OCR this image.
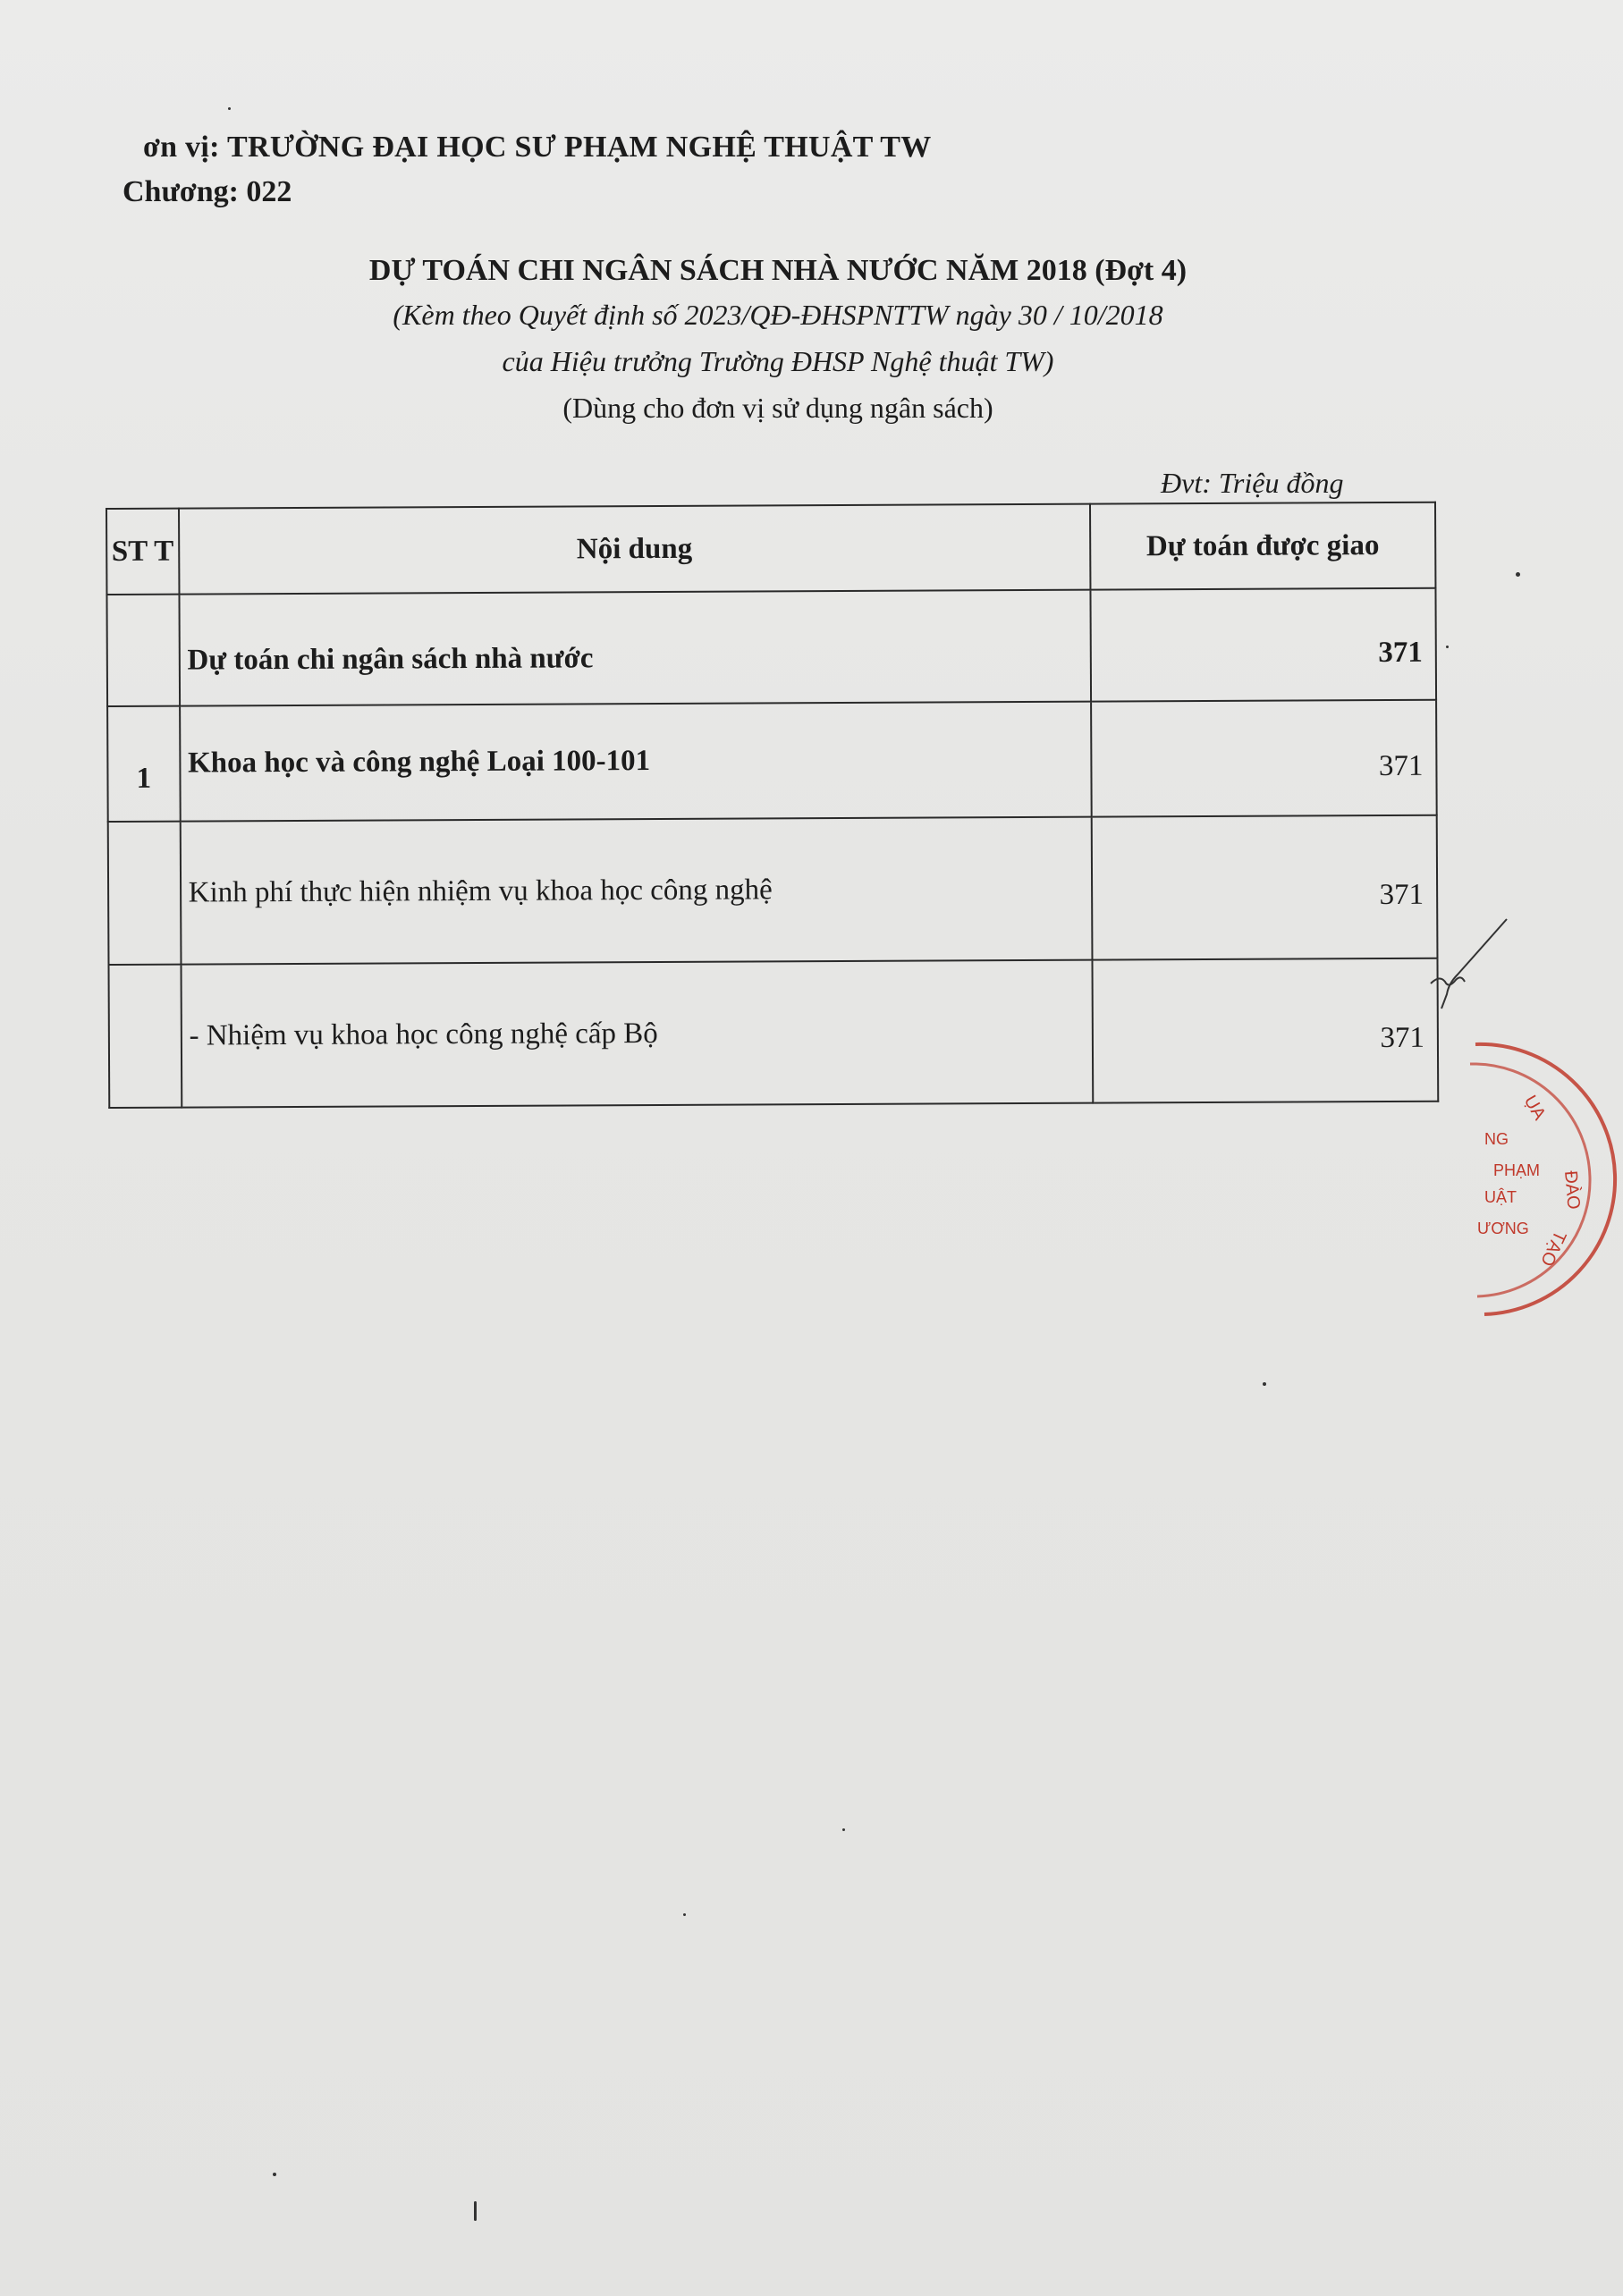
ơn vị: TRƯỜNG ĐẠI HỌC SƯ PHẠM NGHỆ THUẬT TW
Chương: 022
DỰ TOÁN CHI NGÂN SÁCH NHÀ NƯỚC NĂM 2018 (Đợt 4)
(Kèm theo Quyết định số 2023/QĐ-ĐHSPNTTW ngày 30 / 10/2018
của Hiệu trưởng Trường ĐHSP Nghệ thuật TW)
(Dùng cho đơn vị sử dụng ngân sách)
Đvt: Triệu đồng
ST T	Nội dung	Dự toán được giao
	Dự toán chi ngân sách nhà nước	371
1	Khoa học và công nghệ Loại 100-101	371
	Kinh phí thực hiện nhiệm vụ khoa học công nghệ	371
	- Nhiệm vụ khoa học công nghệ cấp Bộ	371
ỤA
ĐÀO
TẠO
NG
PHẠM
UẬT
ƯƠNG
